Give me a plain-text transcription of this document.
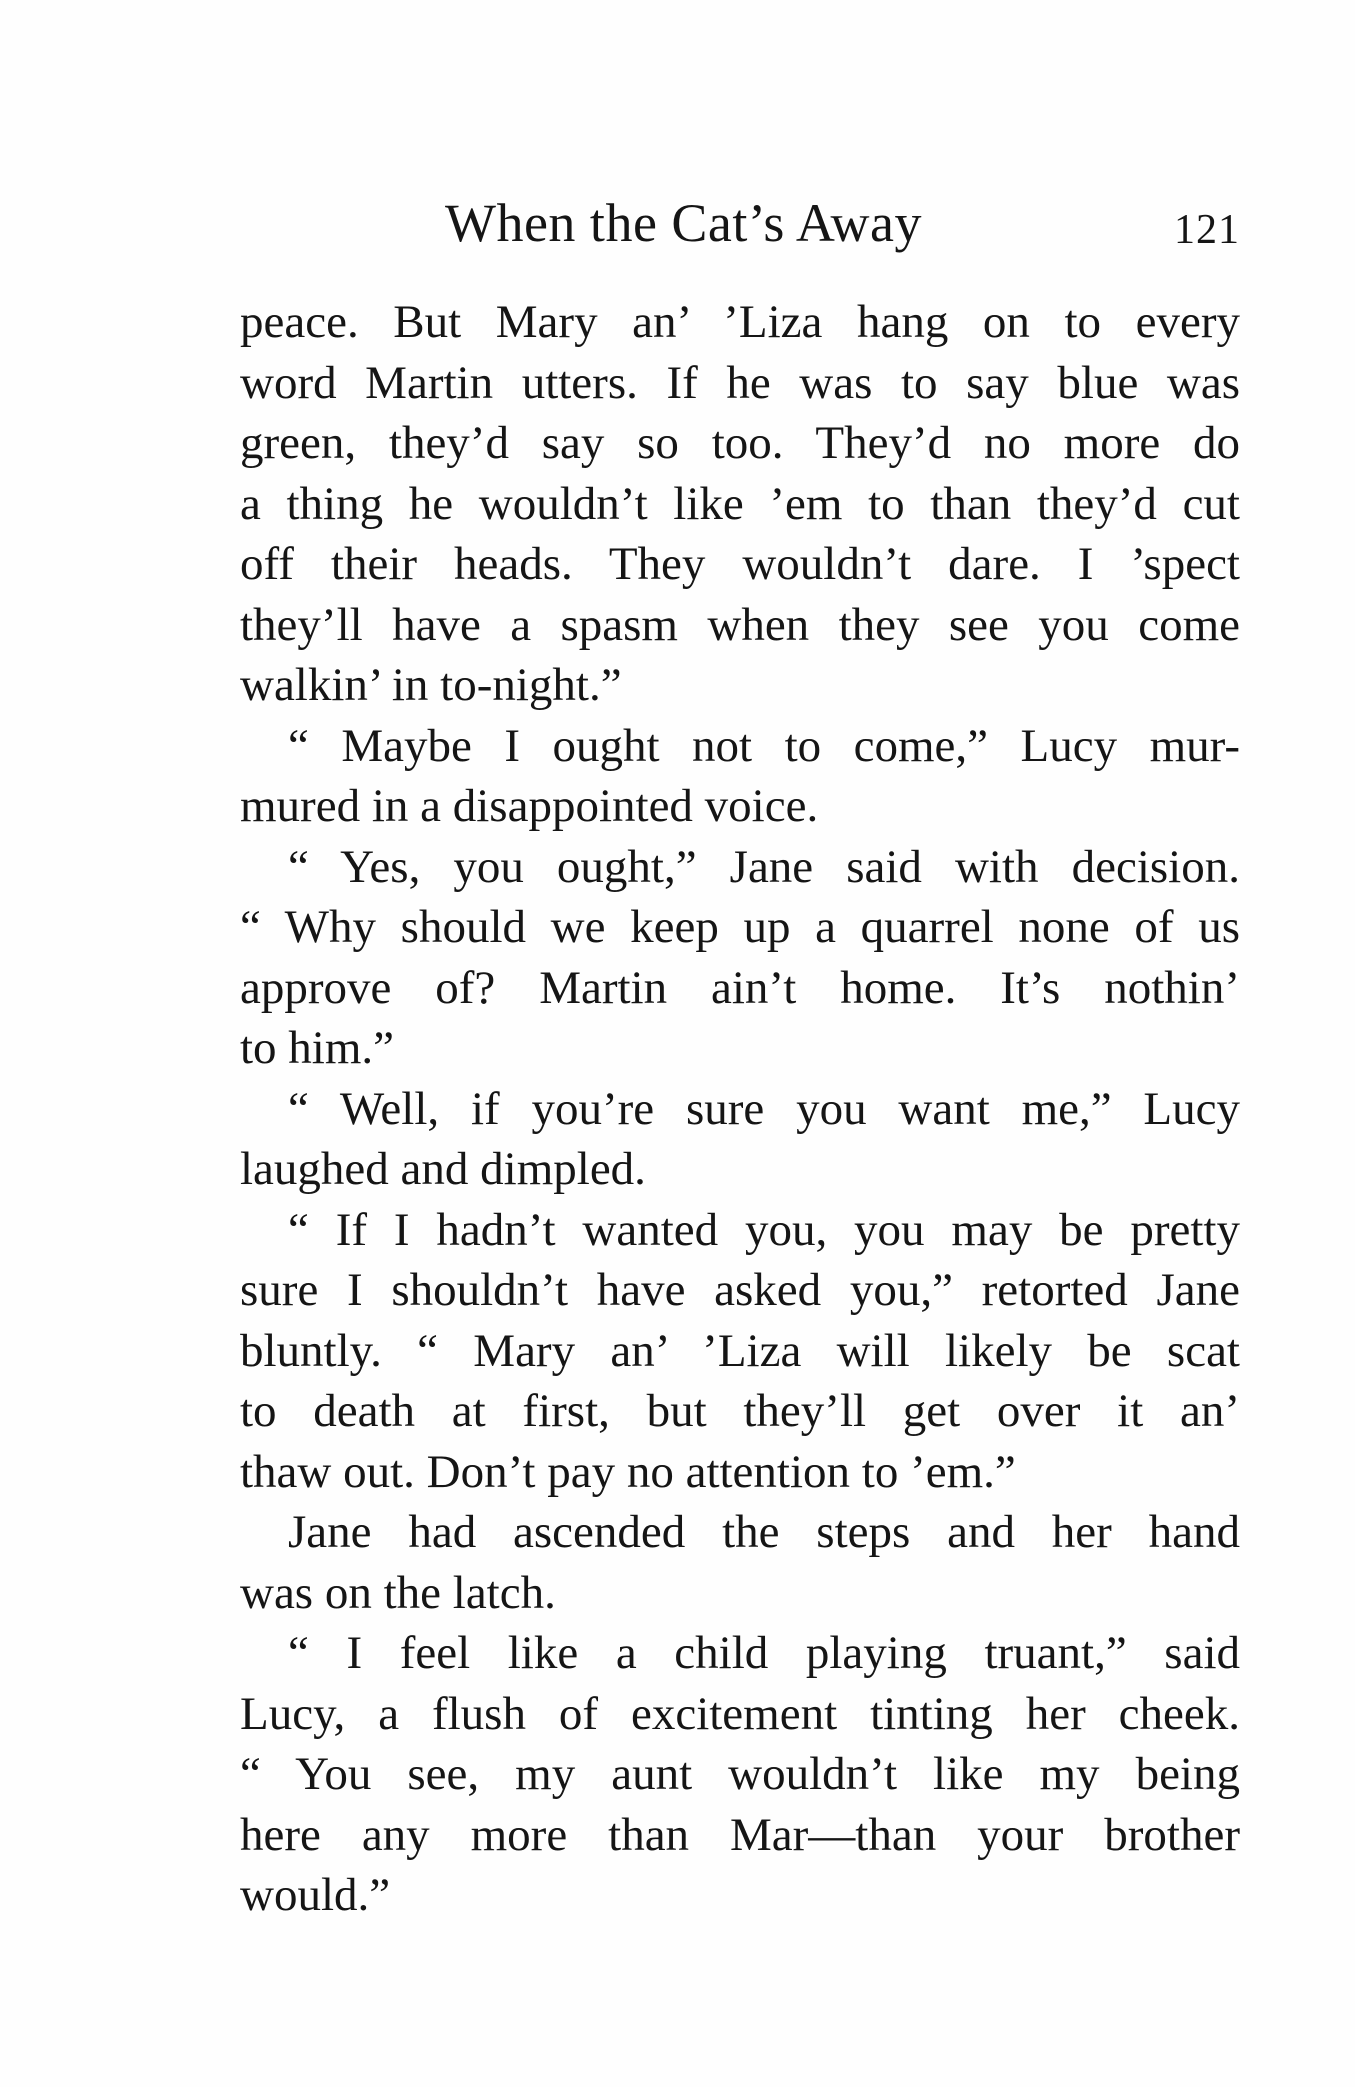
When the Cat’s Away	121
peace. But Mary an’ ’Liza hang on to every
word Martin utters. If he was to say blue was
green, they’d say so too. They’d no more do
a thing he wouldn’t like ’em to than they’d cut
off their heads. They wouldn’t dare. I ’spect
they’ll have a spasm when they see you come
walkin’ in to-night.”
“ Maybe I ought not to come,” Lucy mur-
mured in a disappointed voice.
“ Yes, you ought,” Jane said with decision.
“ Why should we keep up a quarrel none of us
approve of? Martin ain’t home. It’s nothin’
to him.”
“ Well, if you’re sure you want me,” Lucy
laughed and dimpled.
“ If I hadn’t wanted you, you may be pretty
sure I shouldn’t have asked you,” retorted Jane
bluntly. “ Mary an’ ’Liza will likely be scat
to death at first, but they’ll get over it an’
thaw out. Don’t pay no attention to ’em.”
Jane had ascended the steps and her hand
was on the latch.
“ I feel like a child playing truant,” said
Lucy, a flush of excitement tinting her cheek.
“ You see, my aunt wouldn’t like my being
here any more than Mar—than your brother
would.”
